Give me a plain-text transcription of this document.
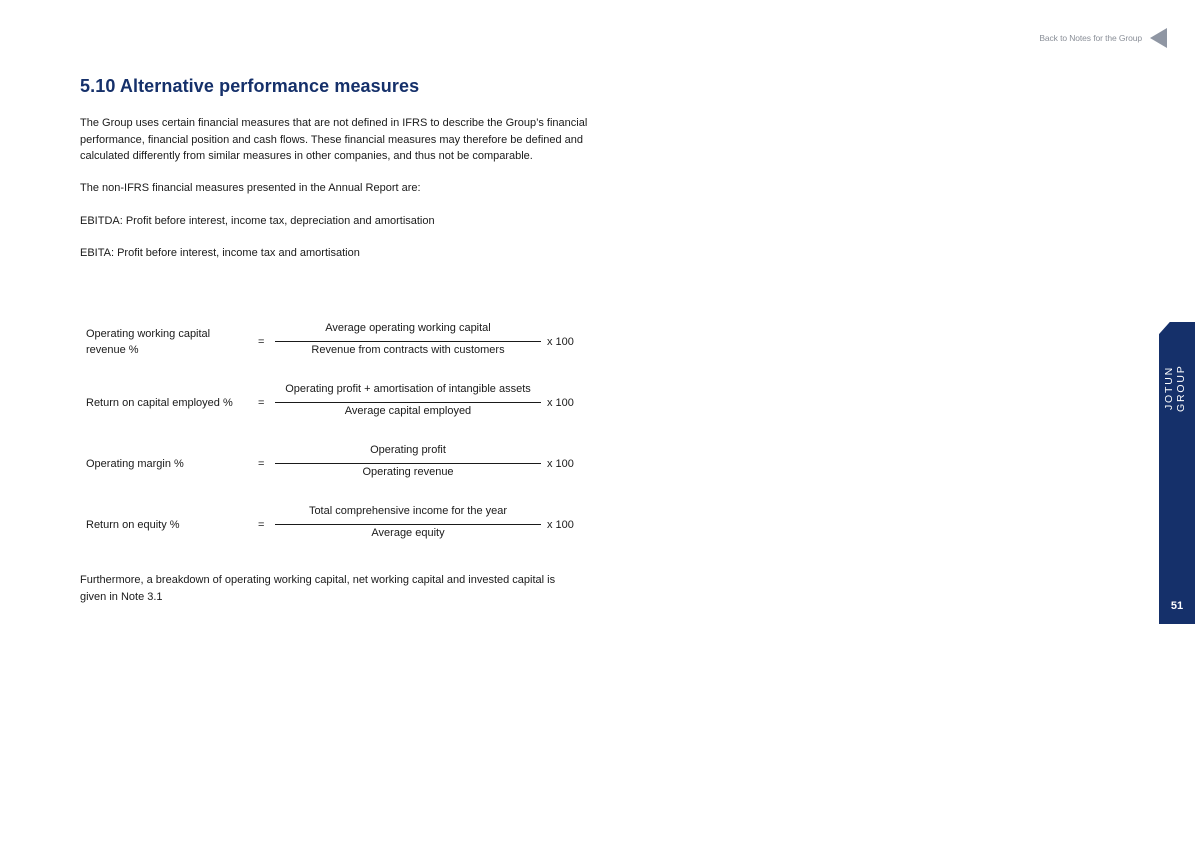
Back to Notes for the Group
5.10 Alternative performance measures

The Group uses certain financial measures that are not defined in IFRS to describe the Group’s financial performance, financial position and cash flows. These financial measures may therefore be defined and calculated differently from similar measures in other companies, and thus not be comparable.

The non-IFRS financial measures presented in the Annual Report are:

EBITDA: Profit before interest, income tax, depreciation and amortisation

EBITA: Profit before interest, income tax and amortisation

Operating working capital revenue %
=
Average operating working capital
Revenue from contracts with customers
x 100
Return on capital employed %	=
Operating profit + amortisation of intangible assets
Average capital employed
x 100
Operating margin %	=
Operating profit
Operating revenue
x 100
Return on equity %	=
Total comprehensive income for the year
Average equity
x 100

Furthermore, a breakdown of operating working capital, net working capital and invested capital is given in Note 3.1

JOTUN GROUP
51
